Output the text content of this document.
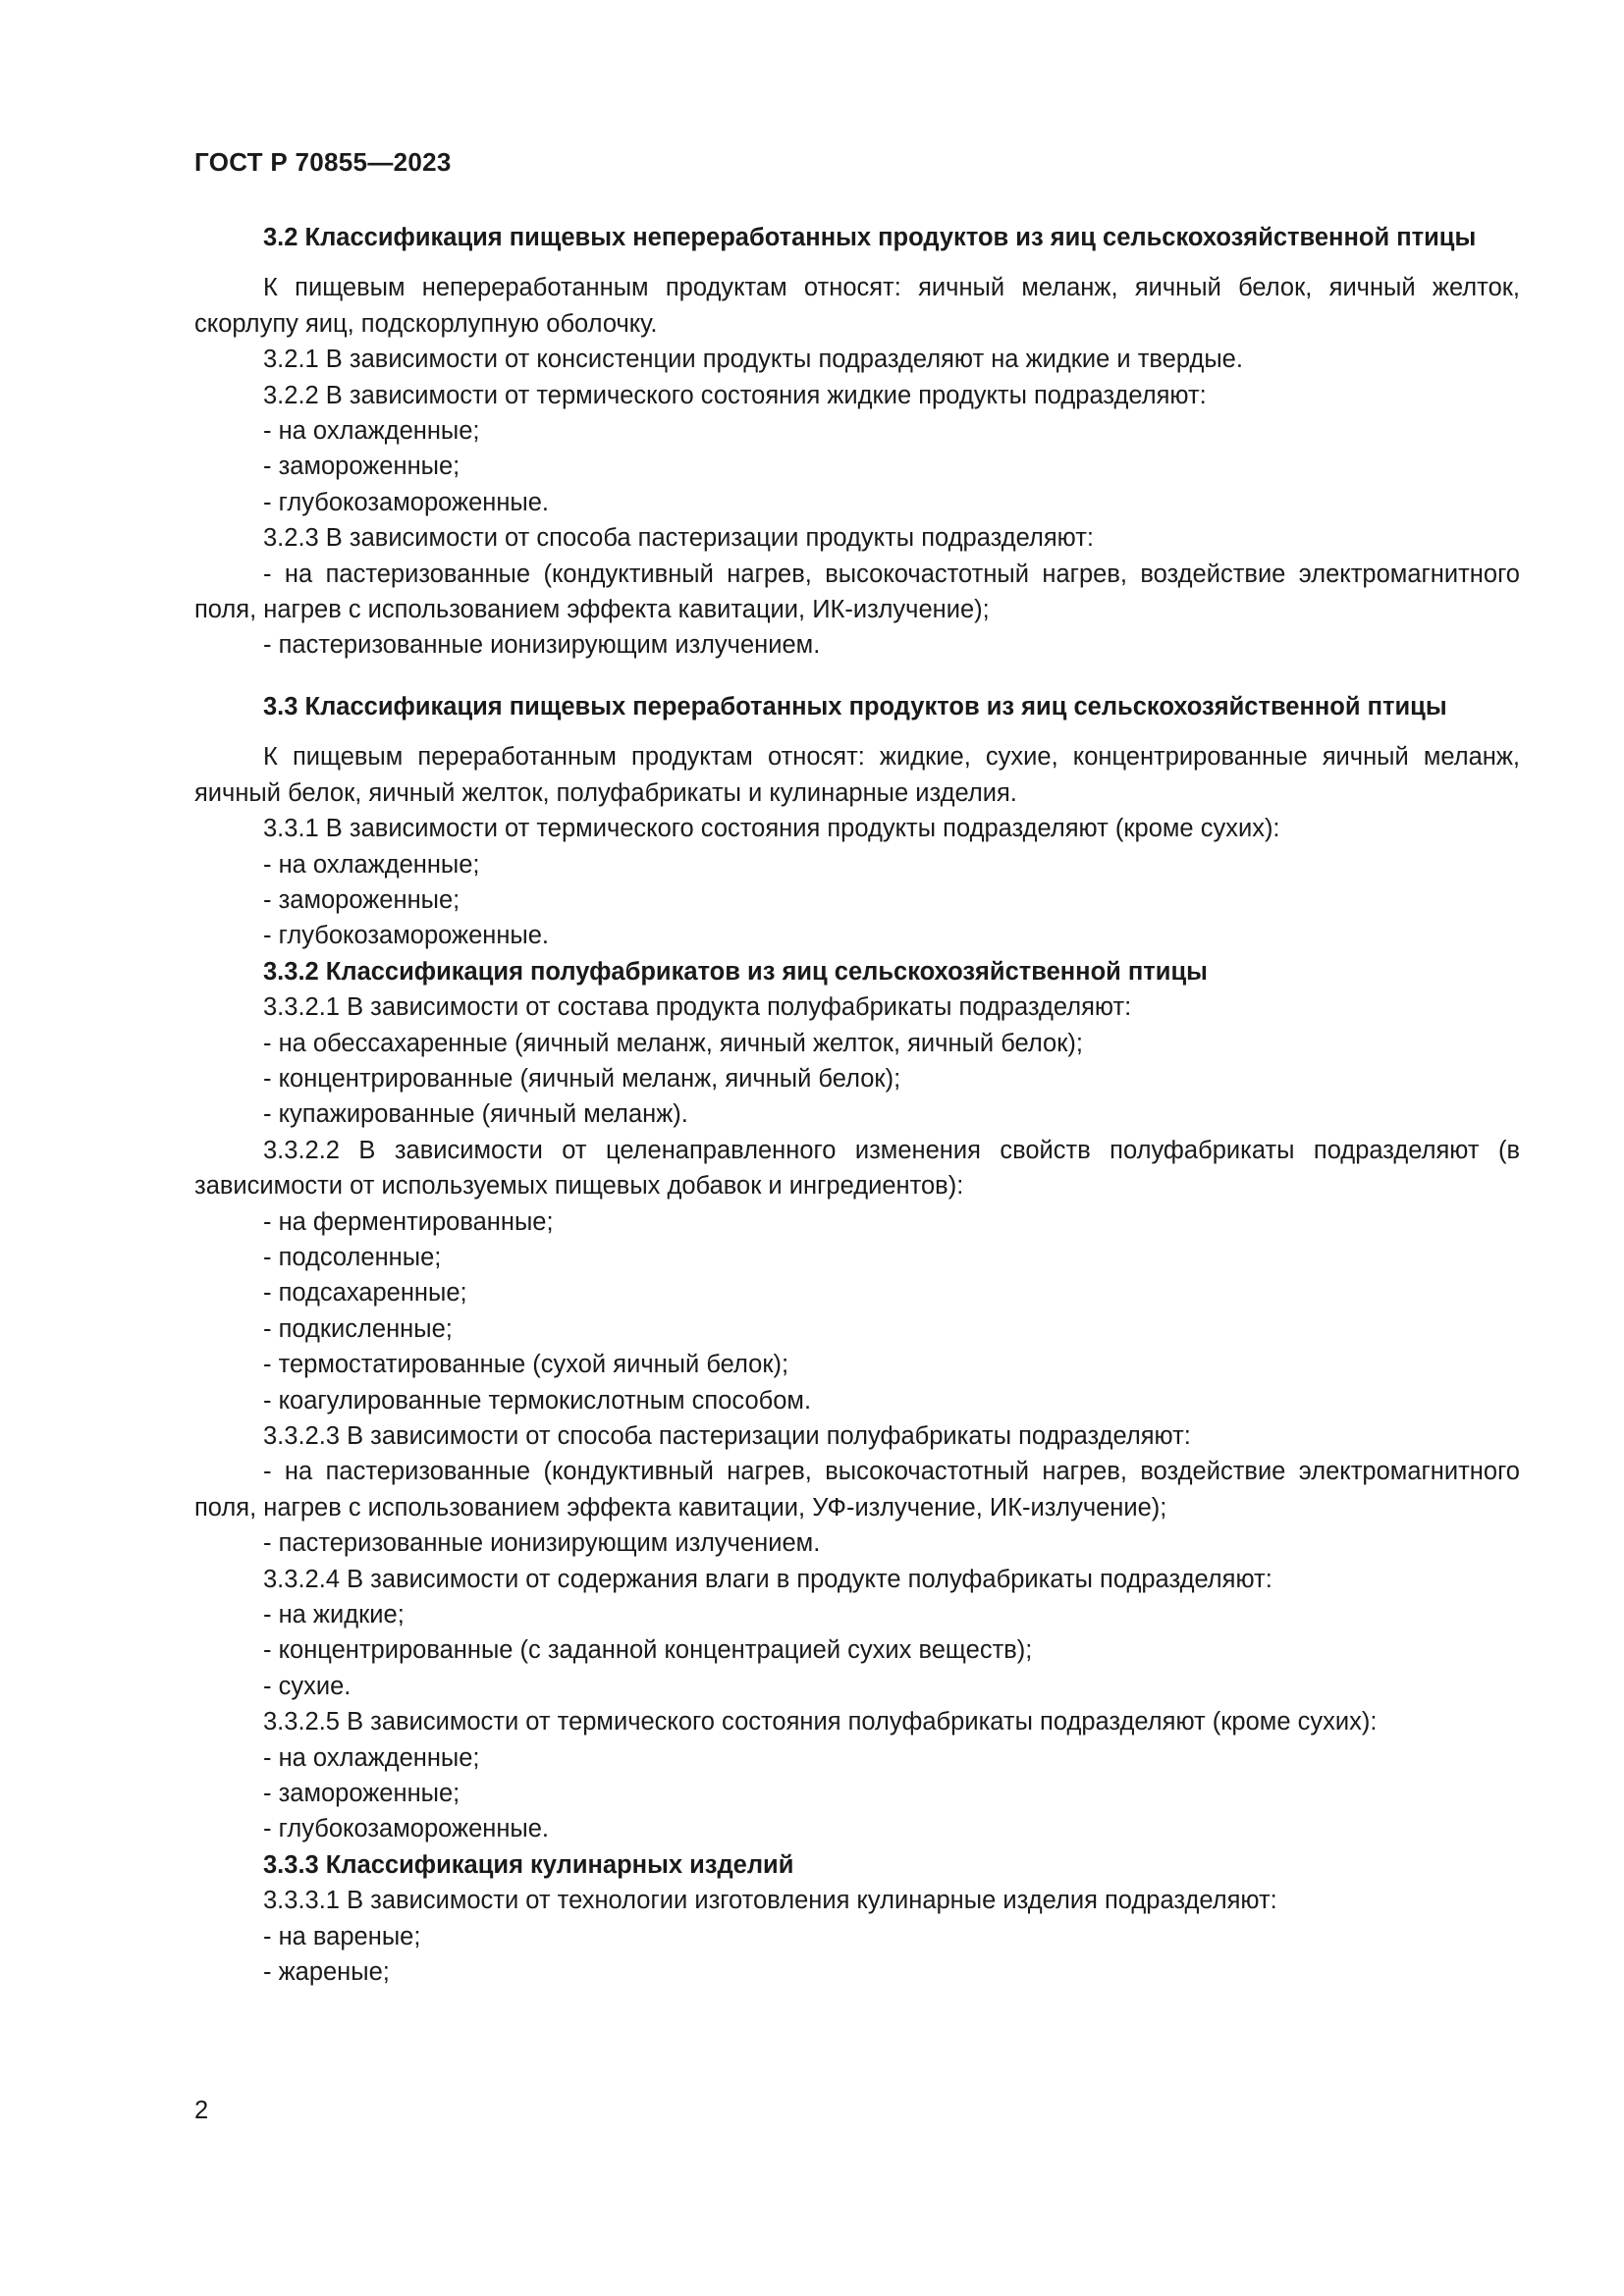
ГОСТ Р 70855—2023
3.2 Классификация пищевых непереработанных продуктов из яиц сельскохозяйственной птицы
К пищевым непереработанным продуктам относят: яичный меланж, яичный белок, яичный желток, скорлупу яиц, подскорлупную оболочку.
3.2.1 В зависимости от консистенции продукты подразделяют на жидкие и твердые.
3.2.2 В зависимости от термического состояния жидкие продукты подразделяют:
- на охлажденные;
- замороженные;
- глубокозамороженные.
3.2.3 В зависимости от способа пастеризации продукты подразделяют:
- на пастеризованные (кондуктивный нагрев, высокочастотный нагрев, воздействие электромагнитного поля, нагрев с использованием эффекта кавитации, ИК-излучение);
- пастеризованные ионизирующим излучением.
3.3 Классификация пищевых переработанных продуктов из яиц сельскохозяйственной птицы
К пищевым переработанным продуктам относят: жидкие, сухие, концентрированные яичный меланж, яичный белок, яичный желток, полуфабрикаты и кулинарные изделия.
3.3.1 В зависимости от термического состояния продукты подразделяют (кроме сухих):
- на охлажденные;
- замороженные;
- глубокозамороженные.
3.3.2 Классификация полуфабрикатов из яиц сельскохозяйственной птицы
3.3.2.1 В зависимости от состава продукта полуфабрикаты подразделяют:
- на обессахаренные (яичный меланж, яичный желток, яичный белок);
- концентрированные (яичный меланж, яичный белок);
- купажированные (яичный меланж).
3.3.2.2 В зависимости от целенаправленного изменения свойств полуфабрикаты подразделяют (в зависимости от используемых пищевых добавок и ингредиентов):
- на ферментированные;
- подсоленные;
- подсахаренные;
- подкисленные;
- термостатированные (сухой яичный белок);
- коагулированные термокислотным способом.
3.3.2.3 В зависимости от способа пастеризации полуфабрикаты подразделяют:
- на пастеризованные (кондуктивный нагрев, высокочастотный нагрев, воздействие электромагнитного поля, нагрев с использованием эффекта кавитации, УФ-излучение, ИК-излучение);
- пастеризованные ионизирующим излучением.
3.3.2.4 В зависимости от содержания влаги в продукте полуфабрикаты подразделяют:
- на жидкие;
- концентрированные (с заданной концентрацией сухих веществ);
- сухие.
3.3.2.5 В зависимости от термического состояния полуфабрикаты подразделяют (кроме сухих):
- на охлажденные;
- замороженные;
- глубокозамороженные.
3.3.3 Классификация кулинарных изделий
3.3.3.1 В зависимости от технологии изготовления кулинарные изделия подразделяют:
- на вареные;
- жареные;
2
